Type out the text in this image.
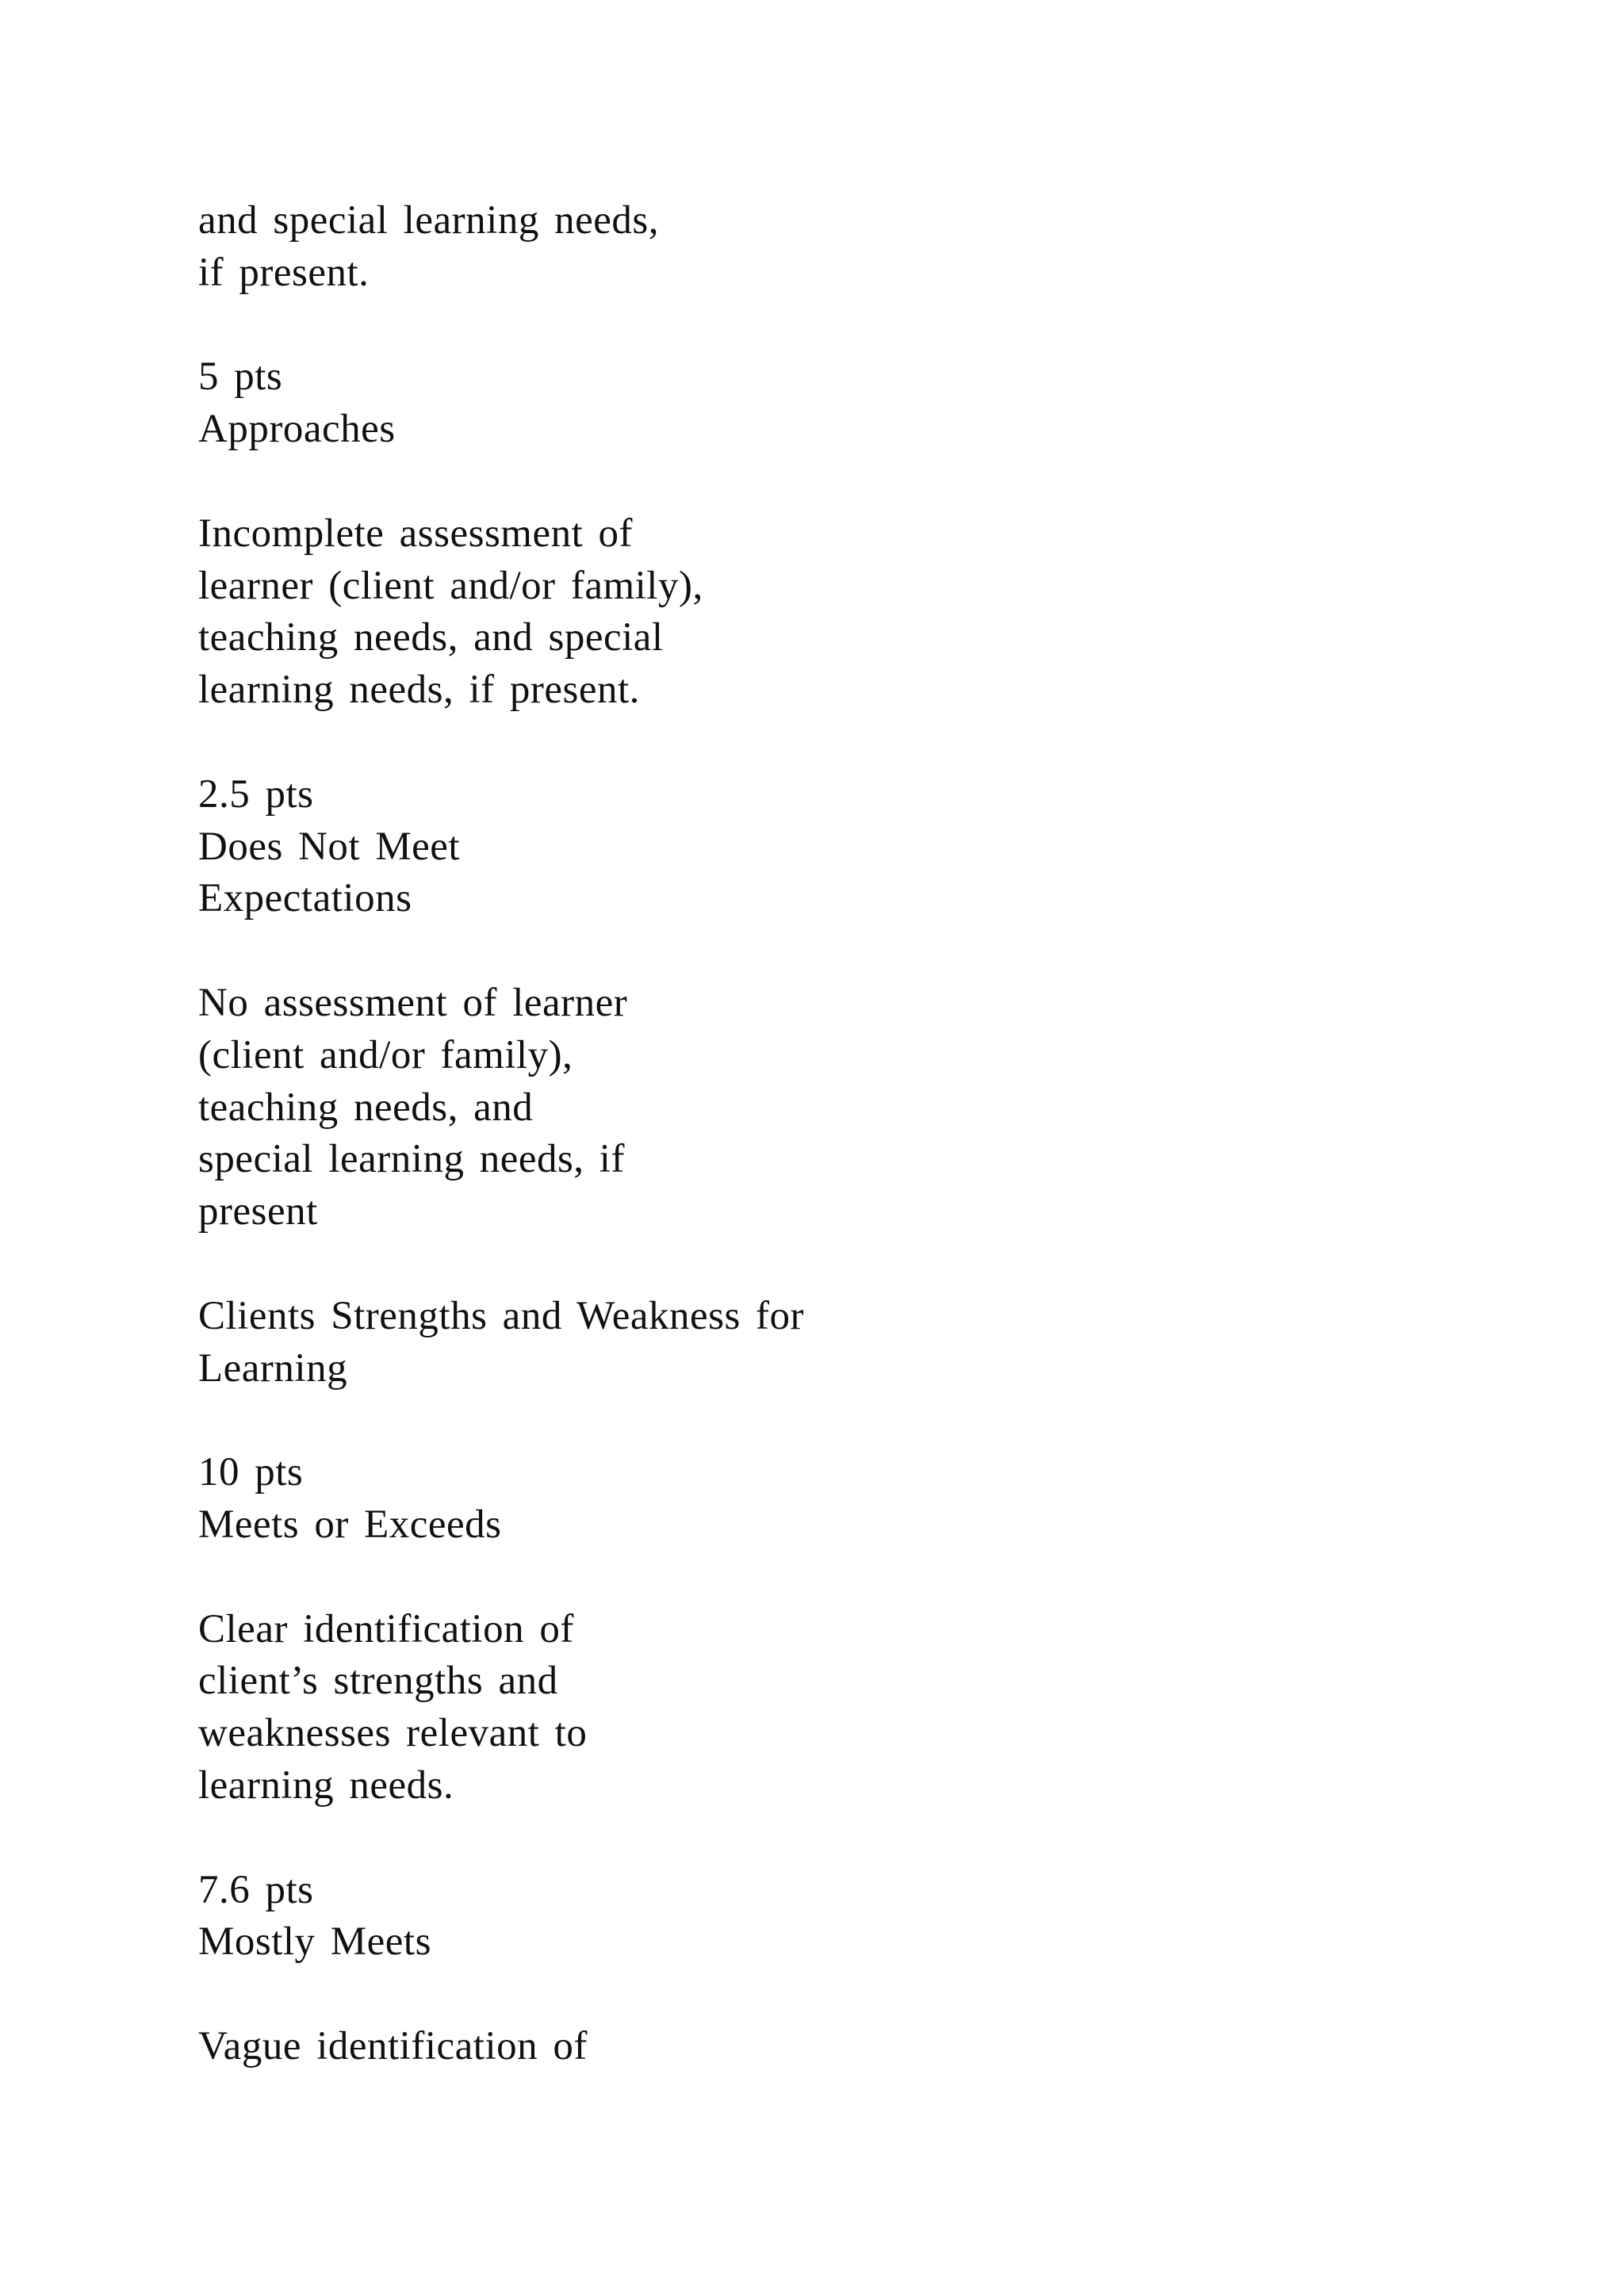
and special learning needs,
if present.
5 pts
Approaches
Incomplete assessment of
learner (client and/or family),
teaching needs, and special
learning needs, if present.
2.5 pts
Does Not Meet
Expectations
No assessment of learner
(client and/or family),
teaching needs, and
special learning needs, if
present
Clients Strengths and Weakness for
Learning
10 pts
Meets or Exceeds
Clear identification of
client’s strengths and
weaknesses relevant to
learning needs.
7.6 pts
Mostly Meets
Vague identification of
